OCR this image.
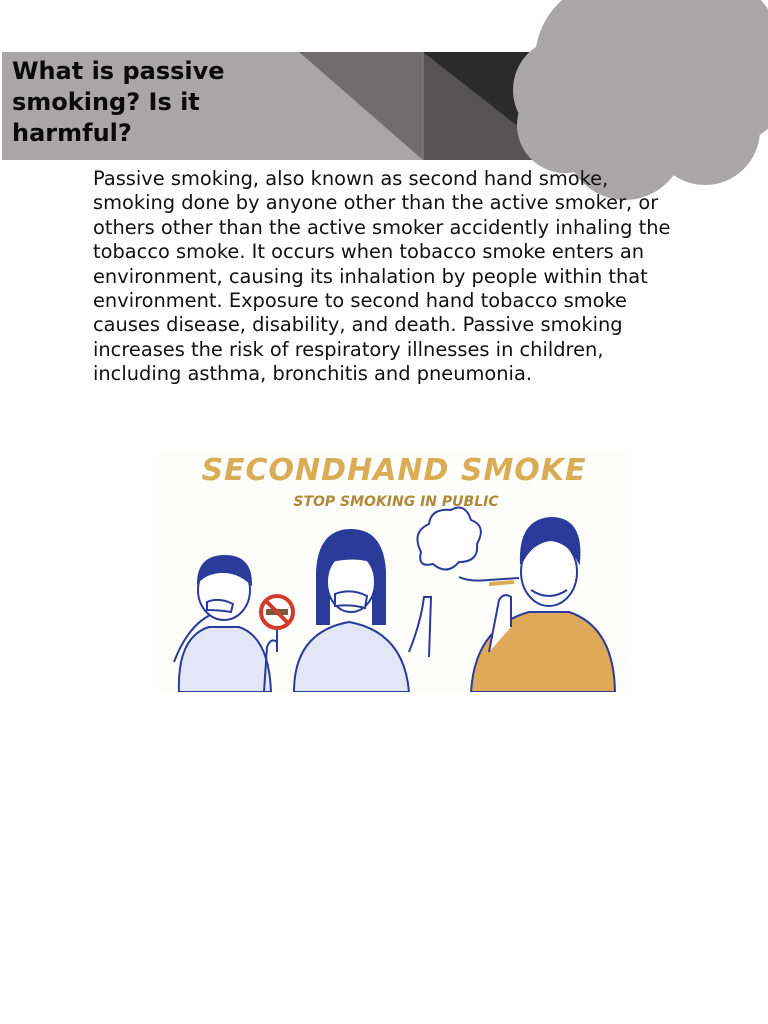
What is passive smoking? Is it harmful?

Passive smoking, also known as second hand smoke, smoking done by anyone other than the active smoker, or others other than the active smoker accidently inhaling the tobacco smoke. It occurs when tobacco smoke enters an environment, causing its inhalation by people within that environment. Exposure to second hand tobacco smoke causes disease, disability, and death. Passive smoking increases the risk of respiratory illnesses in children, including asthma, bronchitis and pneumonia.

SECONDHAND SMOKE
STOP SMOKING IN PUBLIC
